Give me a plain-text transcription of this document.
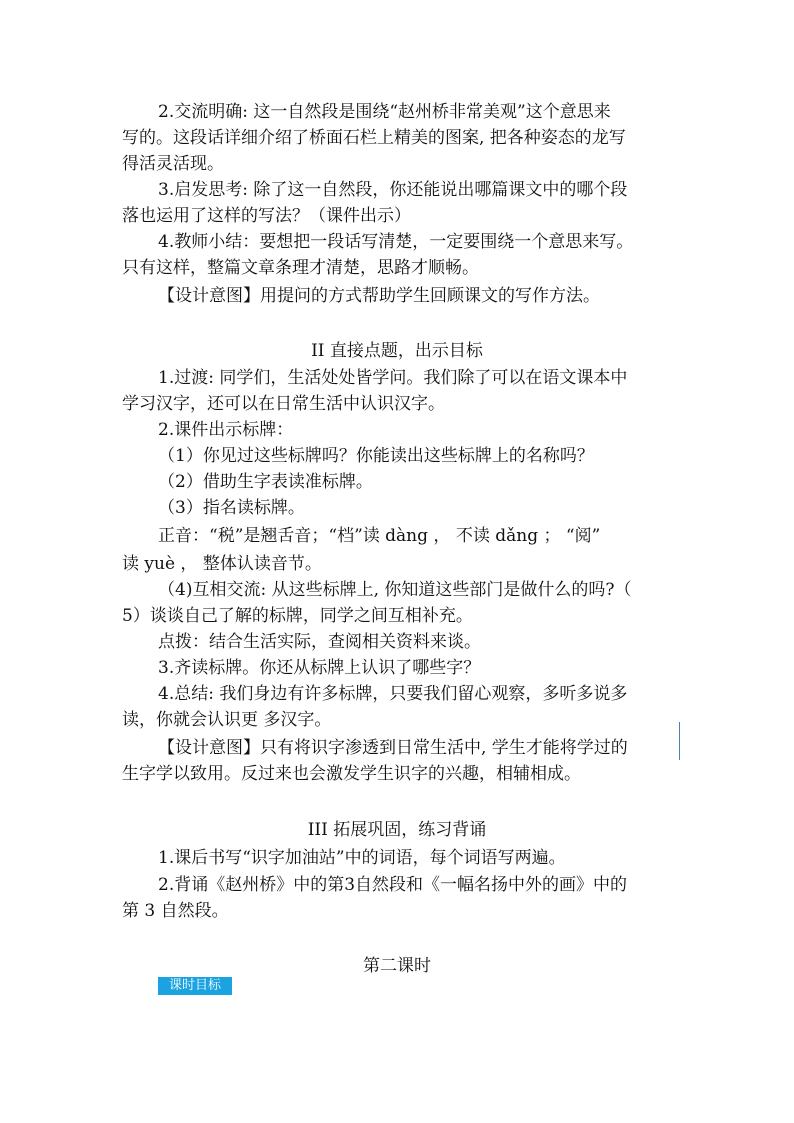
2.交流明确: 这一自然段是围绕“赵州桥非常美观”这个意思来
写的。这段话详细介绍了桥面石栏上精美的图案, 把各种姿态的龙写
得活灵活现。
3.启发思考: 除了这一自然段，你还能说出哪篇课文中的哪个段
落也运用了这样的写法？（课件出示）
4.教师小结：要想把一段话写清楚，一定要围绕一个意思来写。
只有这样，整篇文章条理才清楚，思路才顺畅。
【设计意图】用提问的方式帮助学生回顾课文的写作方法。
II 直接点题，出示目标
1.过渡: 同学们，生活处处皆学问。我们除了可以在语文课本中
学习汉字，还可以在日常生活中认识汉字。
2.课件出示标牌：
（1）你见过这些标牌吗？你能读出这些标牌上的名称吗？
（2）借助生字表读准标牌。
（3）指名读标牌。
正音：“税”是翘舌音；“档”读 dàng ， 不读 dǎng ； “阅”
读 yuè ， 整体认读音节。
（4)互相交流: 从这些标牌上, 你知道这些部门是做什么的吗?（
5）谈谈自己了解的标牌，同学之间互相补充。
点拨：结合生活实际，查阅相关资料来谈。
3.齐读标牌。你还从标牌上认识了哪些字？
4.总结: 我们身边有许多标牌，只要我们留心观察，多听多说多
读，你就会认识更 多汉字。
【设计意图】只有将识字渗透到日常生活中, 学生才能将学过的
生字学以致用。反过来也会激发学生识字的兴趣，相辅相成。
III 拓展巩固，练习背诵
1.课后书写“识字加油站”中的词语，每个词语写两遍。
2.背诵《赵州桥》中的第3自然段和《一幅名扬中外的画》中的
第 3 自然段。
第二课时
课时目标
